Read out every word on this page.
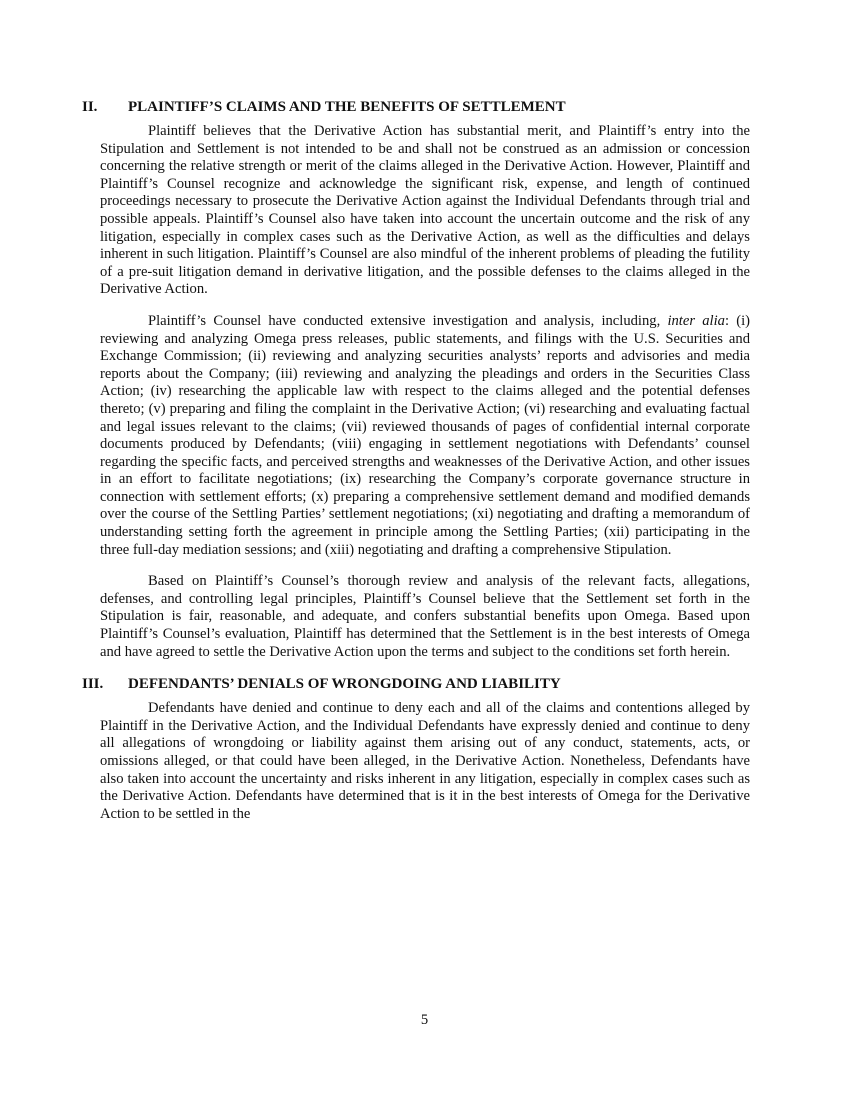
II. PLAINTIFF’S CLAIMS AND THE BENEFITS OF SETTLEMENT

Plaintiff believes that the Derivative Action has substantial merit, and Plaintiff’s entry into the Stipulation and Settlement is not intended to be and shall not be construed as an admission or concession concerning the relative strength or merit of the claims alleged in the Derivative Action. However, Plaintiff and Plaintiff’s Counsel recognize and acknowledge the significant risk, expense, and length of continued proceedings necessary to prosecute the Derivative Action against the Individual Defendants through trial and possible appeals. Plaintiff’s Counsel also have taken into account the uncertain outcome and the risk of any litigation, especially in complex cases such as the Derivative Action, as well as the difficulties and delays inherent in such litigation. Plaintiff’s Counsel are also mindful of the inherent problems of pleading the futility of a pre-suit litigation demand in derivative litigation, and the possible defenses to the claims alleged in the Derivative Action.

Plaintiff’s Counsel have conducted extensive investigation and analysis, including, inter alia: (i) reviewing and analyzing Omega press releases, public statements, and filings with the U.S. Securities and Exchange Commission; (ii) reviewing and analyzing securities analysts’ reports and advisories and media reports about the Company; (iii) reviewing and analyzing the pleadings and orders in the Securities Class Action; (iv) researching the applicable law with respect to the claims alleged and the potential defenses thereto; (v) preparing and filing the complaint in the Derivative Action; (vi) researching and evaluating factual and legal issues relevant to the claims; (vii) reviewed thousands of pages of confidential internal corporate documents produced by Defendants; (viii) engaging in settlement negotiations with Defendants’ counsel regarding the specific facts, and perceived strengths and weaknesses of the Derivative Action, and other issues in an effort to facilitate negotiations; (ix) researching the Company’s corporate governance structure in connection with settlement efforts; (x) preparing a comprehensive settlement demand and modified demands over the course of the Settling Parties’ settlement negotiations; (xi) negotiating and drafting a memorandum of understanding setting forth the agreement in principle among the Settling Parties; (xii) participating in the three full-day mediation sessions; and (xiii) negotiating and drafting a comprehensive Stipulation.

Based on Plaintiff’s Counsel’s thorough review and analysis of the relevant facts, allegations, defenses, and controlling legal principles, Plaintiff’s Counsel believe that the Settlement set forth in the Stipulation is fair, reasonable, and adequate, and confers substantial benefits upon Omega. Based upon Plaintiff’s Counsel’s evaluation, Plaintiff has determined that the Settlement is in the best interests of Omega and have agreed to settle the Derivative Action upon the terms and subject to the conditions set forth herein.

III. DEFENDANTS’ DENIALS OF WRONGDOING AND LIABILITY

Defendants have denied and continue to deny each and all of the claims and contentions alleged by Plaintiff in the Derivative Action, and the Individual Defendants have expressly denied and continue to deny all allegations of wrongdoing or liability against them arising out of any conduct, statements, acts, or omissions alleged, or that could have been alleged, in the Derivative Action. Nonetheless, Defendants have also taken into account the uncertainty and risks inherent in any litigation, especially in complex cases such as the Derivative Action. Defendants have determined that is it in the best interests of Omega for the Derivative Action to be settled in the

5
